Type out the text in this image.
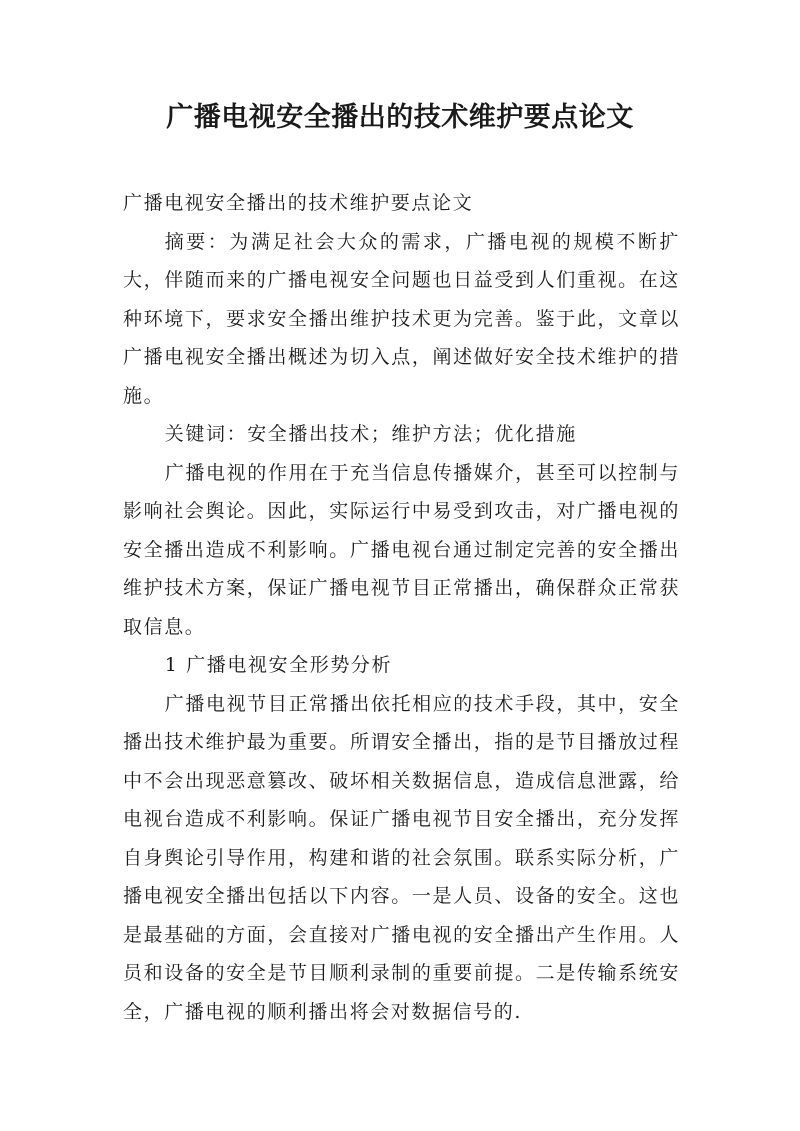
广播电视安全播出的技术维护要点论文

广播电视安全播出的技术维护要点论文

摘要：为满足社会大众的需求，广播电视的规模不断扩大，伴随而来的广播电视安全问题也日益受到人们重视。在这种环境下，要求安全播出维护技术更为完善。鉴于此，文章以广播电视安全播出概述为切入点，阐述做好安全技术维护的措施。

关键词：安全播出技术；维护方法；优化措施

广播电视的作用在于充当信息传播媒介，甚至可以控制与影响社会舆论。因此，实际运行中易受到攻击，对广播电视的安全播出造成不利影响。广播电视台通过制定完善的安全播出维护技术方案，保证广播电视节目正常播出，确保群众正常获取信息。

1 广播电视安全形势分析

广播电视节目正常播出依托相应的技术手段，其中，安全播出技术维护最为重要。所谓安全播出，指的是节目播放过程中不会出现恶意篡改、破坏相关数据信息，造成信息泄露，给电视台造成不利影响。保证广播电视节目安全播出，充分发挥自身舆论引导作用，构建和谐的社会氛围。联系实际分析，广播电视安全播出包括以下内容。一是人员、设备的安全。这也是最基础的方面，会直接对广播电视的安全播出产生作用。人员和设备的安全是节目顺利录制的重要前提。二是传输系统安全，广播电视的顺利播出将会对数据信号的.
